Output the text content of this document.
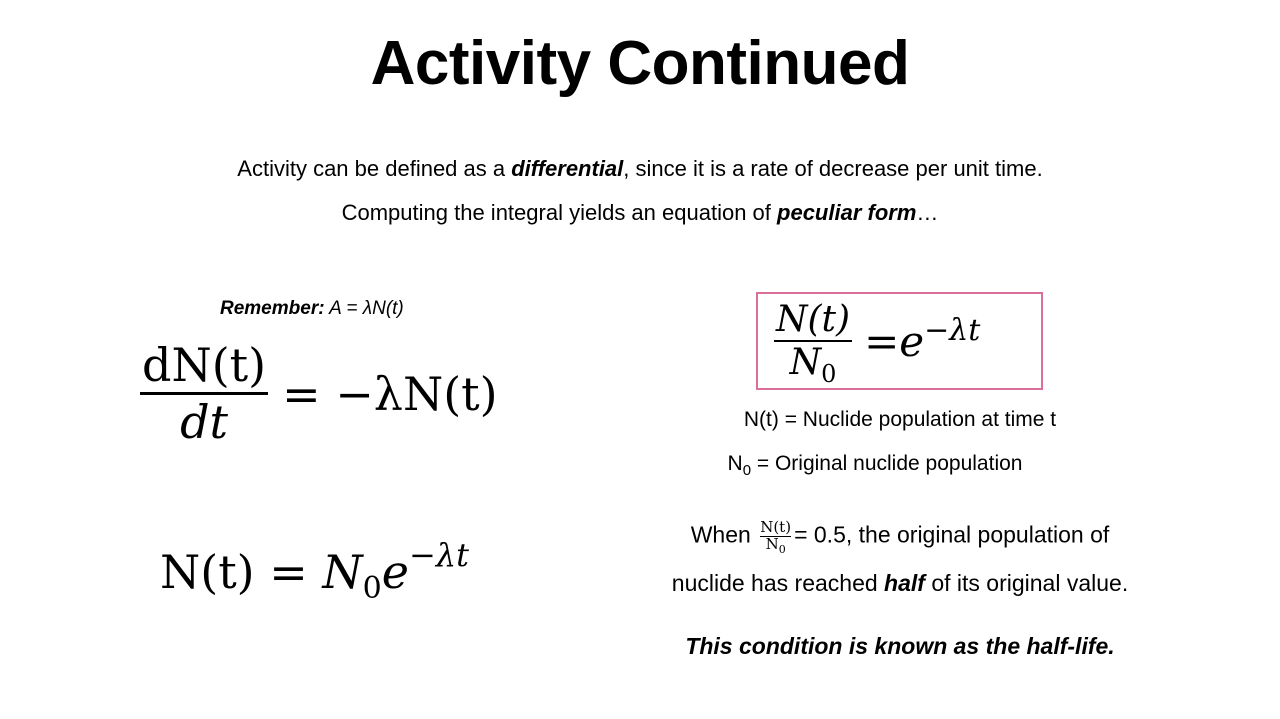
Activity Continued
Activity can be defined as a differential, since it is a rate of decrease per unit time.
Computing the integral yields an equation of peculiar form…
Remember: A = λN(t)
$\frac{dN(t)}{dt} = -\lambda N(t)$
$N(t) = N_0e^{-\lambda t}$
$\frac{N(t)}{N_0} = e^{-\lambda t}$
N(t) = Nuclide population at time t
$N_0$ = Original nuclide population
When $\frac{N(t)}{N_0} = 0.5$, the original population of
nuclide has reached half of its original value.
This condition is known as the half-life.
